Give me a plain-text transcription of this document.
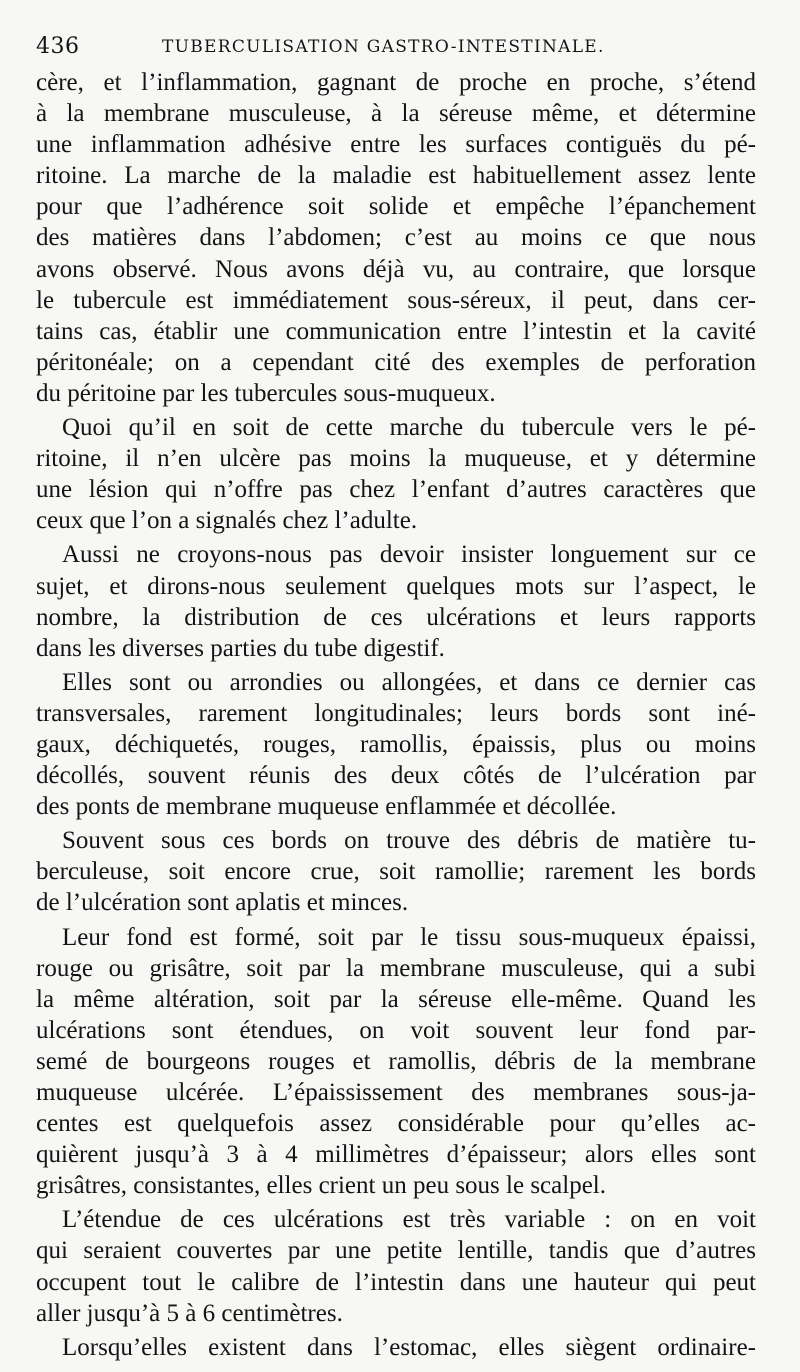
436	TUBERCULISATION GASTRO-INTESTINALE.
cère, et l’inflammation, gagnant de proche en proche, s’étend
à la membrane musculeuse, à la séreuse même, et détermine
une inflammation adhésive entre les surfaces contiguës du pé-
ritoine. La marche de la maladie est habituellement assez lente
pour que l’adhérence soit solide et empêche l’épanchement
des matières dans l’abdomen; c’est au moins ce que nous
avons observé. Nous avons déjà vu, au contraire, que lorsque
le tubercule est immédiatement sous-séreux, il peut, dans cer-
tains cas, établir une communication entre l’intestin et la cavité
péritonéale; on a cependant cité des exemples de perforation
du péritoine par les tubercules sous-muqueux.
Quoi qu’il en soit de cette marche du tubercule vers le pé-
ritoine, il n’en ulcère pas moins la muqueuse, et y détermine
une lésion qui n’offre pas chez l’enfant d’autres caractères que
ceux que l’on a signalés chez l’adulte.
Aussi ne croyons-nous pas devoir insister longuement sur ce
sujet, et dirons-nous seulement quelques mots sur l’aspect, le
nombre, la distribution de ces ulcérations et leurs rapports
dans les diverses parties du tube digestif.
Elles sont ou arrondies ou allongées, et dans ce dernier cas
transversales, rarement longitudinales; leurs bords sont iné-
gaux, déchiquetés, rouges, ramollis, épaissis, plus ou moins
décollés, souvent réunis des deux côtés de l’ulcération par
des ponts de membrane muqueuse enflammée et décollée.
Souvent sous ces bords on trouve des débris de matière tu-
berculeuse, soit encore crue, soit ramollie; rarement les bords
de l’ulcération sont aplatis et minces.
Leur fond est formé, soit par le tissu sous-muqueux épaissi,
rouge ou grisâtre, soit par la membrane musculeuse, qui a subi
la même altération, soit par la séreuse elle-même. Quand les
ulcérations sont étendues, on voit souvent leur fond par-
semé de bourgeons rouges et ramollis, débris de la membrane
muqueuse ulcérée. L’épaississement des membranes sous-ja-
centes est quelquefois assez considérable pour qu’elles ac-
quièrent jusqu’à 3 à 4 millimètres d’épaisseur; alors elles sont
grisâtres, consistantes, elles crient un peu sous le scalpel.
L’étendue de ces ulcérations est très variable : on en voit
qui seraient couvertes par une petite lentille, tandis que d’autres
occupent tout le calibre de l’intestin dans une hauteur qui peut
aller jusqu’à 5 à 6 centimètres.
Lorsqu’elles existent dans l’estomac, elles siègent ordinaire-
